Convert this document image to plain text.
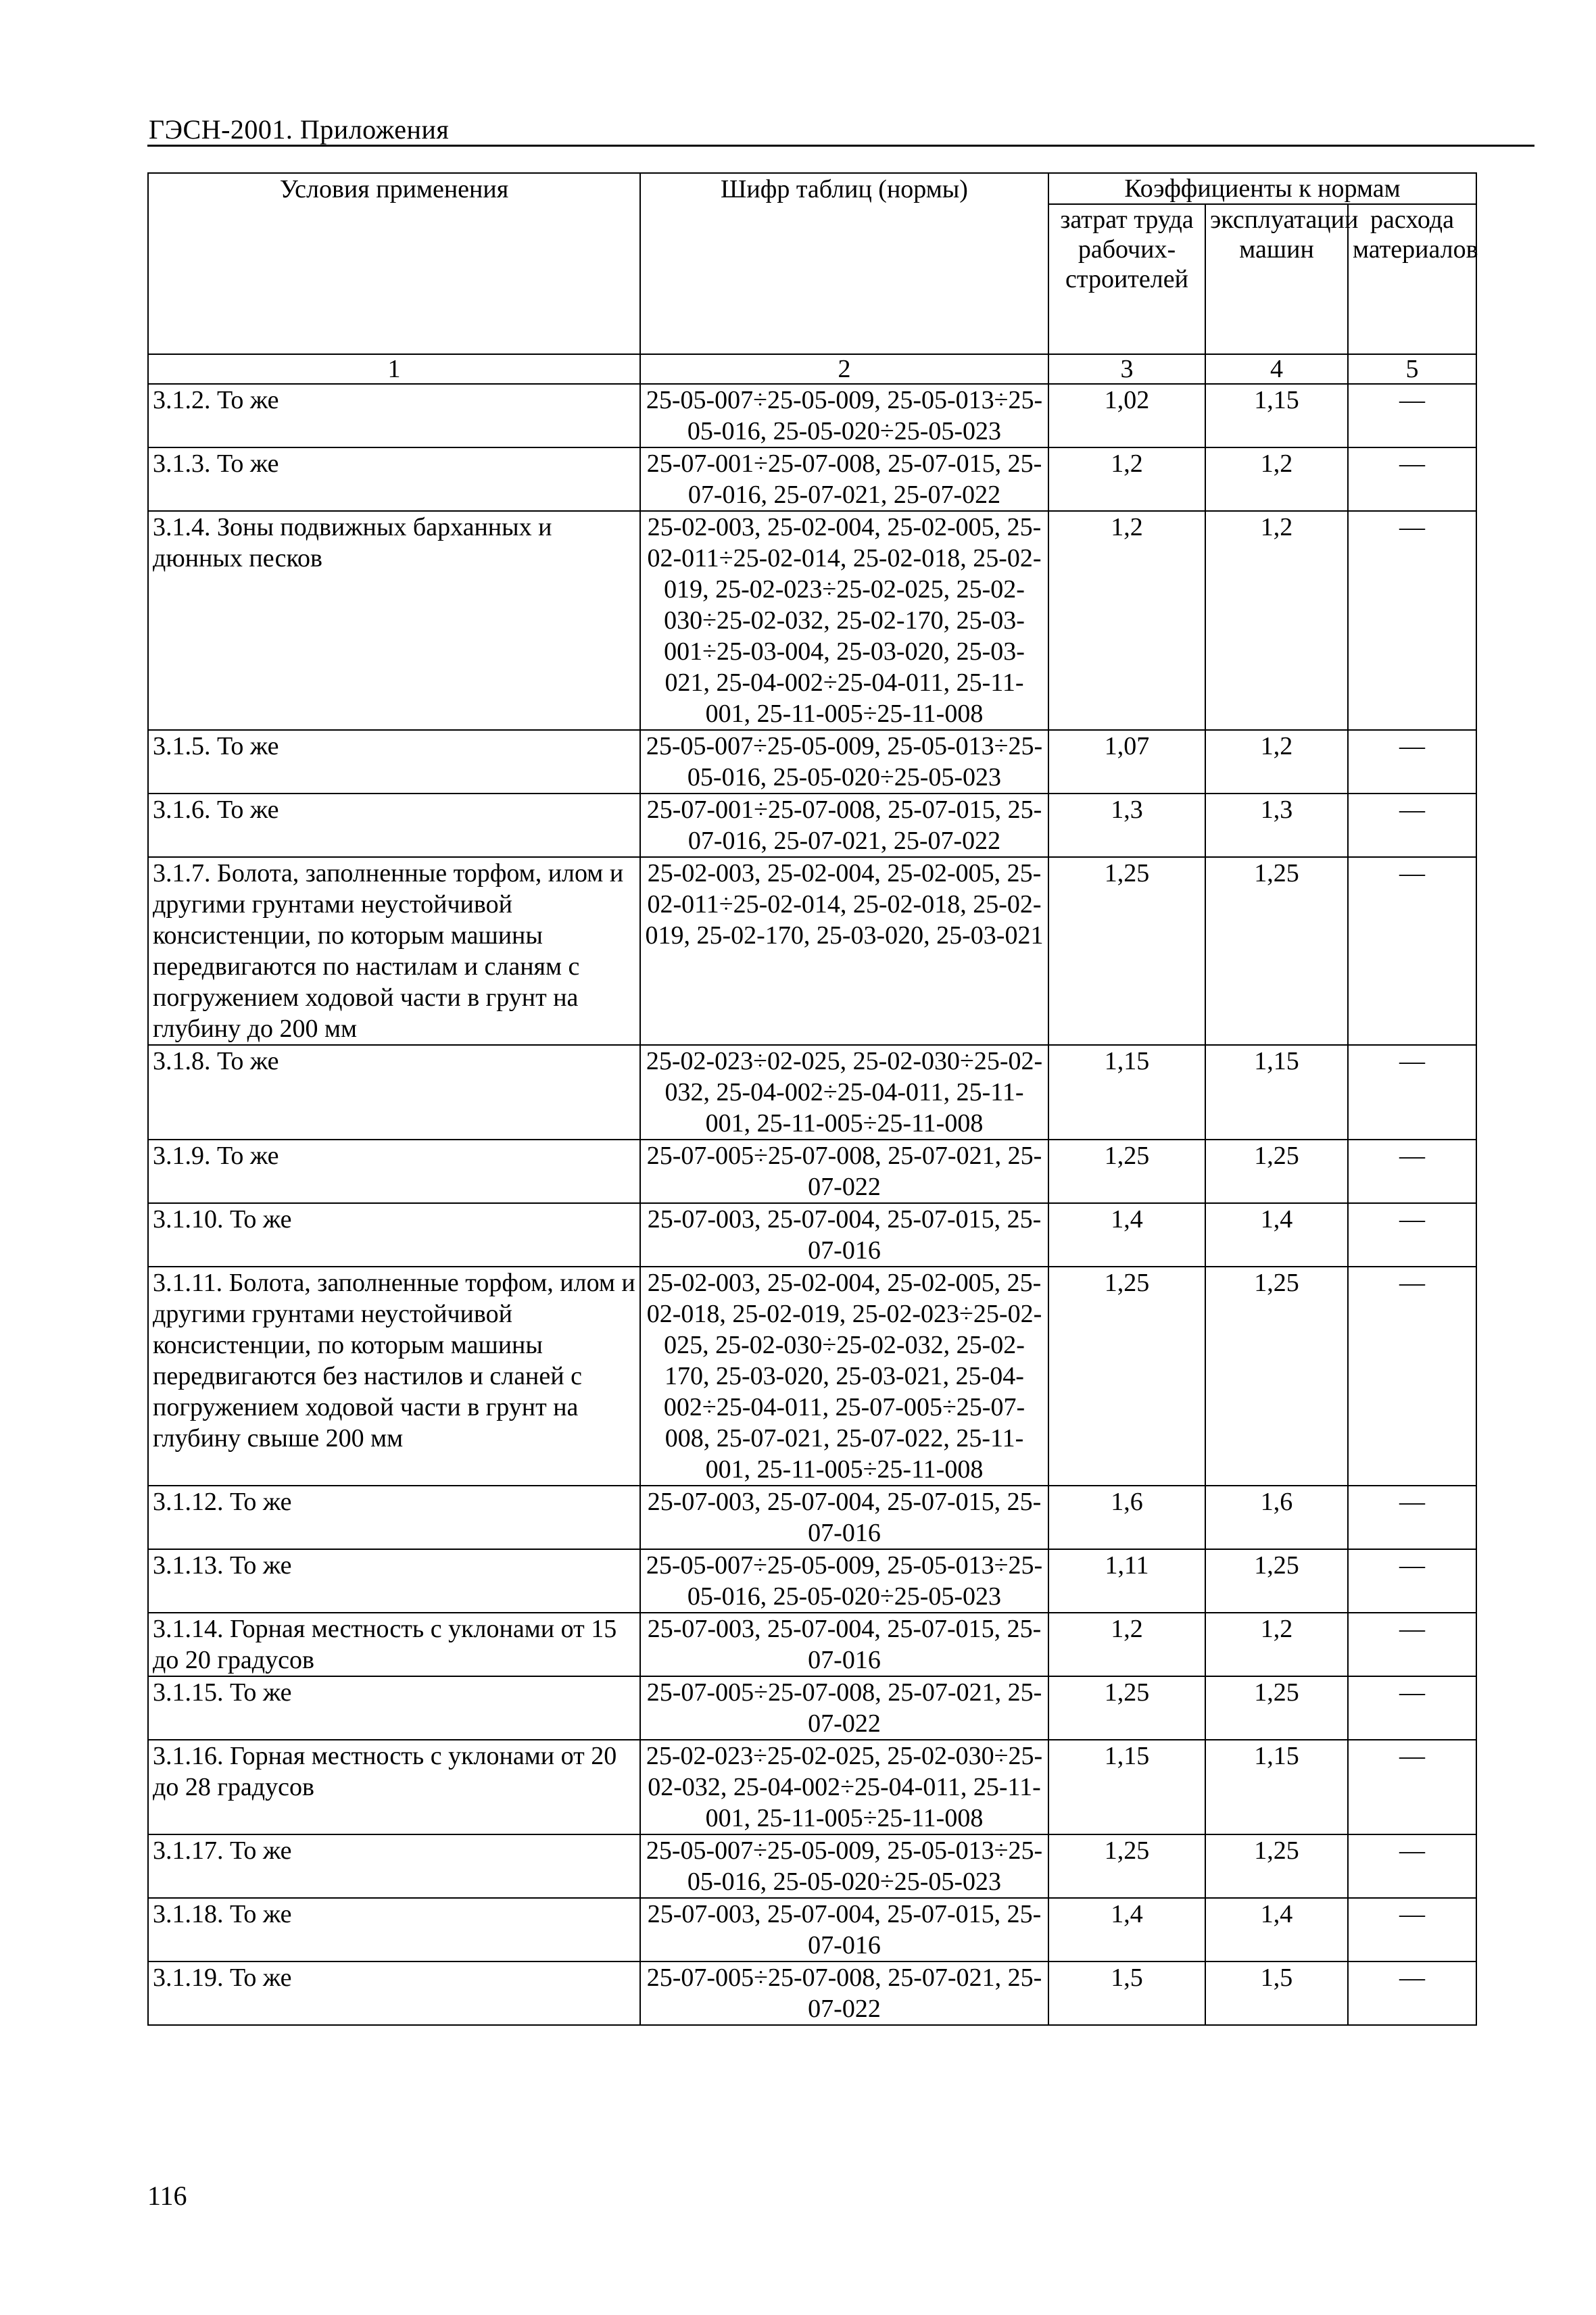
ГЭСН-2001. Приложения
Условия применения	Шифр таблиц (нормы)	Коэффициенты к нормам		
		затрат труда рабочих-строителей	эксплуатации машин	расхода материалов
1	2	3	4	5
3.1.2. То же	25-05-007÷25-05-009, 25-05-013÷25-05-016, 25-05-020÷25-05-023	1,02	1,15	—
3.1.3. То же	25-07-001÷25-07-008, 25-07-015, 25-07-016, 25-07-021, 25-07-022	1,2	1,2	—
3.1.4. Зоны подвижных барханных и дюнных песков	25-02-003, 25-02-004, 25-02-005, 25-02-011÷25-02-014, 25-02-018, 25-02-019, 25-02-023÷25-02-025, 25-02-030÷25-02-032, 25-02-170, 25-03-001÷25-03-004, 25-03-020, 25-03-021, 25-04-002÷25-04-011, 25-11-001, 25-11-005÷25-11-008	1,2	1,2	—
3.1.5. То же	25-05-007÷25-05-009, 25-05-013÷25-05-016, 25-05-020÷25-05-023	1,07	1,2	—
3.1.6. То же	25-07-001÷25-07-008, 25-07-015, 25-07-016, 25-07-021, 25-07-022	1,3	1,3	—
3.1.7. Болота, заполненные торфом, илом и другими грунтами неустойчивой консистенции, по которым машины передвигаются по настилам и сланям с погружением ходовой части в грунт на глубину до 200 мм	25-02-003, 25-02-004, 25-02-005, 25-02-011÷25-02-014, 25-02-018, 25-02-019, 25-02-170, 25-03-020, 25-03-021	1,25	1,25	—
3.1.8. То же	25-02-023÷02-025, 25-02-030÷25-02-032, 25-04-002÷25-04-011, 25-11-001, 25-11-005÷25-11-008	1,15	1,15	—
3.1.9. То же	25-07-005÷25-07-008, 25-07-021, 25-07-022	1,25	1,25	—
3.1.10. То же	25-07-003, 25-07-004, 25-07-015, 25-07-016	1,4	1,4	—
3.1.11. Болота, заполненные торфом, илом и другими грунтами неустойчивой консистенции, по которым машины передвигаются без настилов и сланей с погружением ходовой части в грунт на глубину свыше 200 мм	25-02-003, 25-02-004, 25-02-005, 25-02-018, 25-02-019, 25-02-023÷25-02-025, 25-02-030÷25-02-032, 25-02-170, 25-03-020, 25-03-021, 25-04-002÷25-04-011, 25-07-005÷25-07-008, 25-07-021, 25-07-022, 25-11-001, 25-11-005÷25-11-008	1,25	1,25	—
3.1.12. То же	25-07-003, 25-07-004, 25-07-015, 25-07-016	1,6	1,6	—
3.1.13. То же	25-05-007÷25-05-009, 25-05-013÷25-05-016, 25-05-020÷25-05-023	1,11	1,25	—
3.1.14. Горная местность с уклонами от 15 до 20 градусов	25-07-003, 25-07-004, 25-07-015, 25-07-016	1,2	1,2	—
3.1.15. То же	25-07-005÷25-07-008, 25-07-021, 25-07-022	1,25	1,25	—
3.1.16. Горная местность с уклонами от 20 до 28 градусов	25-02-023÷25-02-025, 25-02-030÷25-02-032, 25-04-002÷25-04-011, 25-11-001, 25-11-005÷25-11-008	1,15	1,15	—
3.1.17. То же	25-05-007÷25-05-009, 25-05-013÷25-05-016, 25-05-020÷25-05-023	1,25	1,25	—
3.1.18. То же	25-07-003, 25-07-004, 25-07-015, 25-07-016	1,4	1,4	—
3.1.19. То же	25-07-005÷25-07-008, 25-07-021, 25-07-022	1,5	1,5	—
116
